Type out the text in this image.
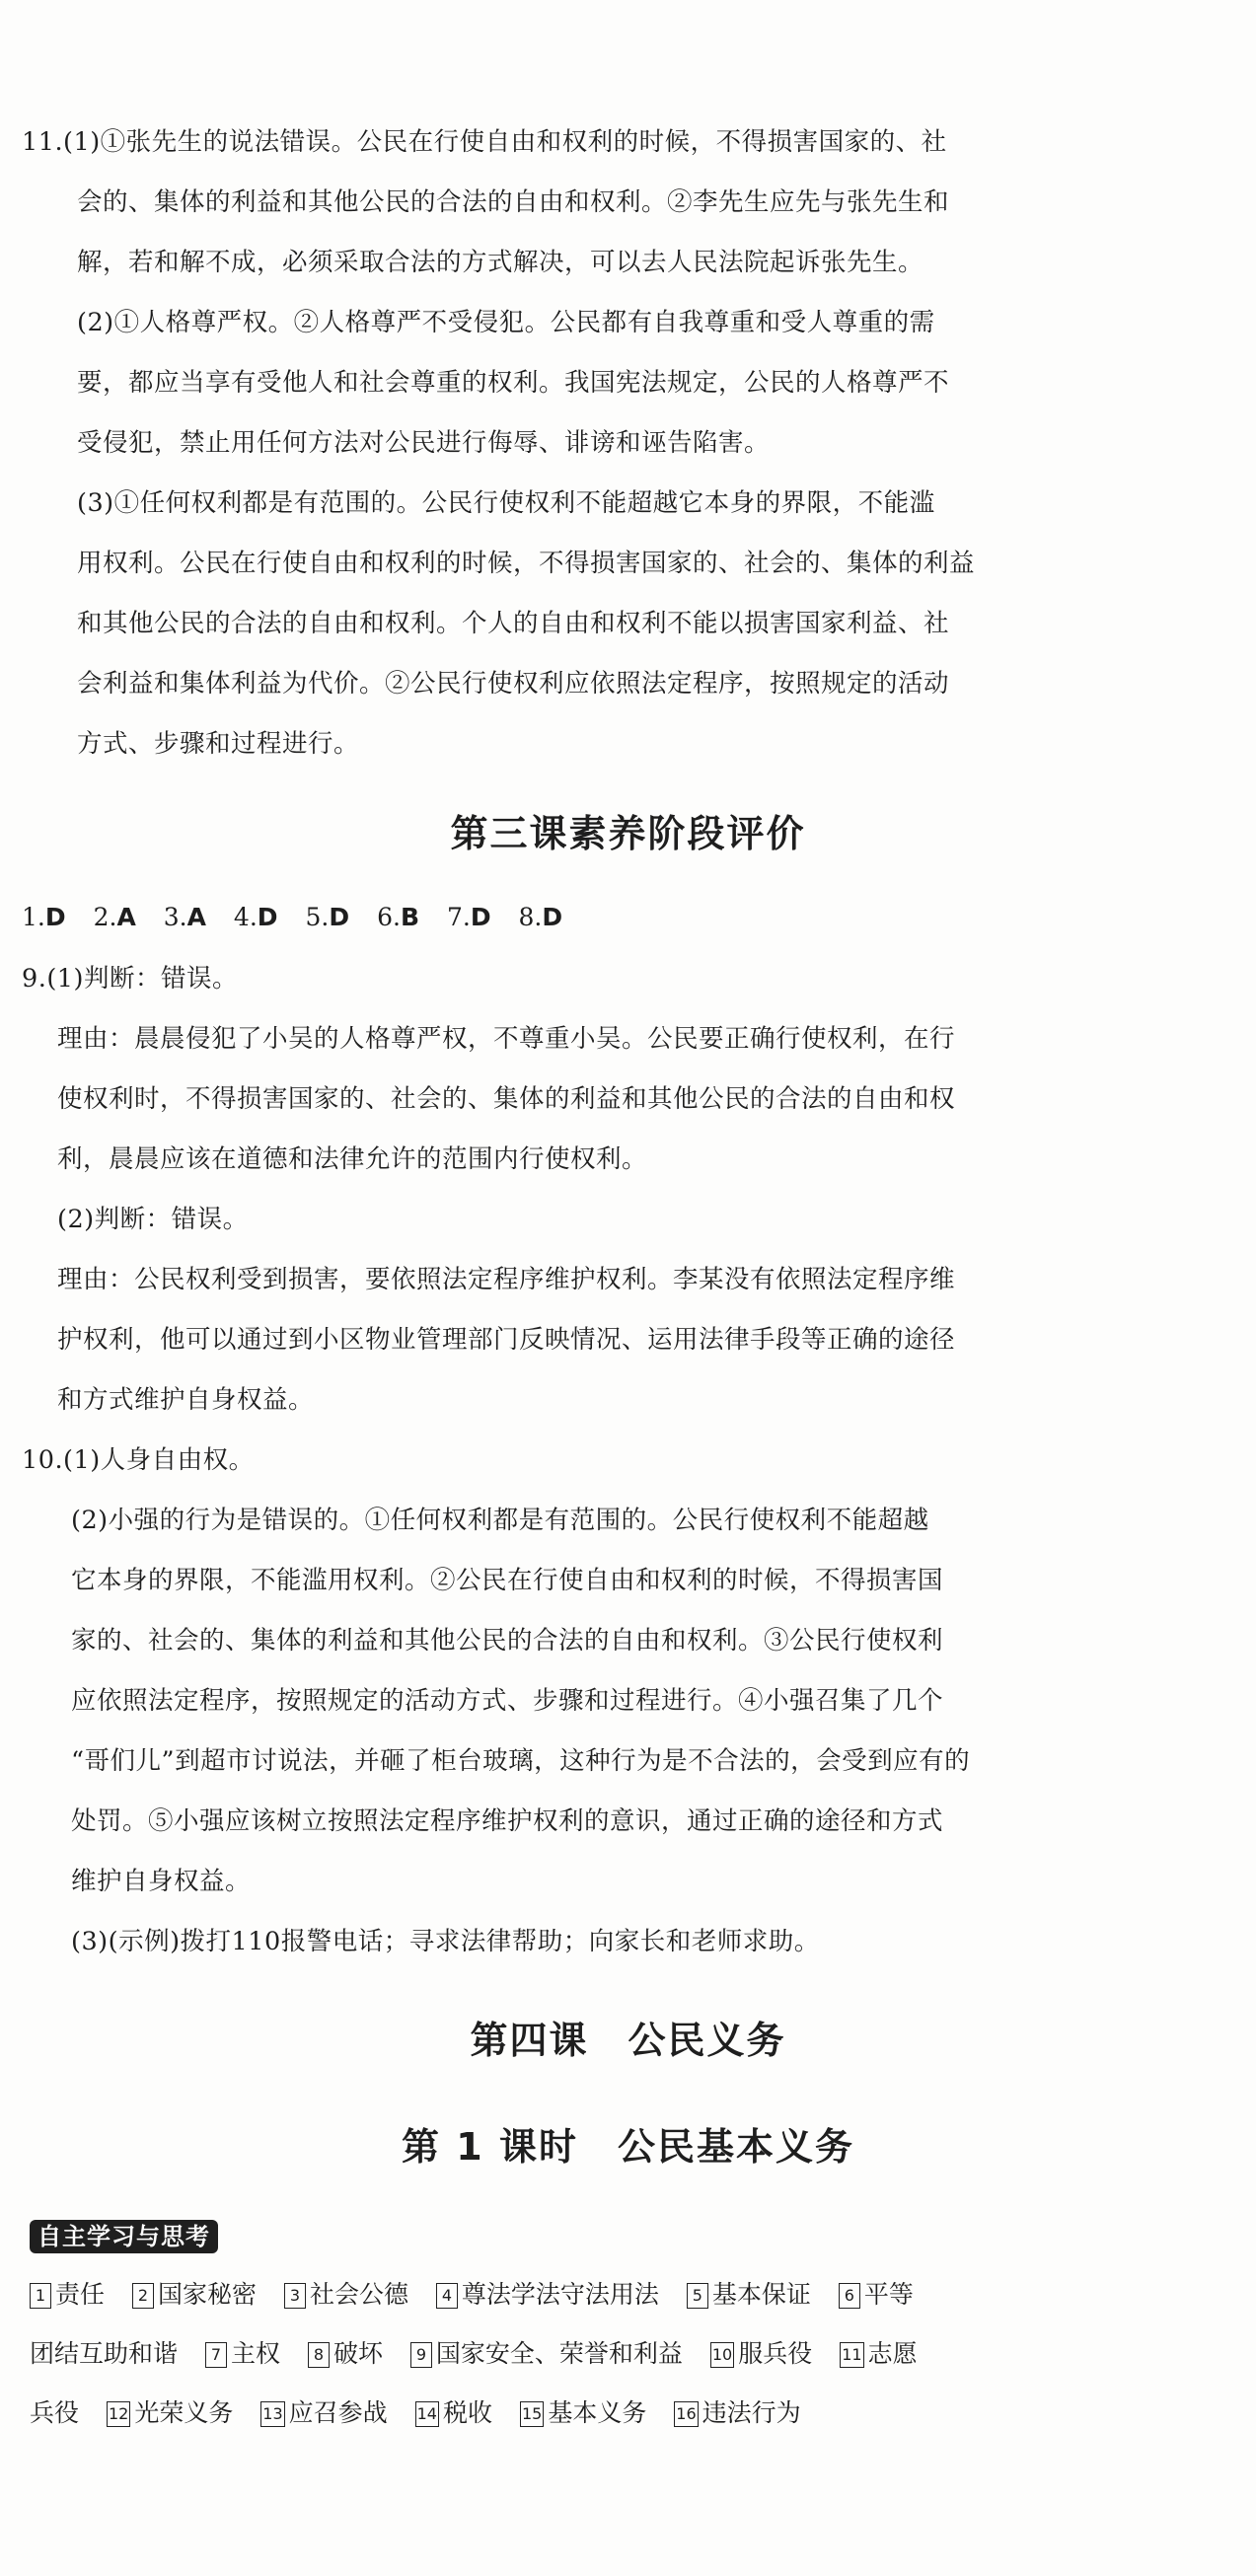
11.(1)①张先生的说法错误。公民在行使自由和权利的时候，不得损害国家的、社
会的、集体的利益和其他公民的合法的自由和权利。②李先生应先与张先生和
解，若和解不成，必须采取合法的方式解决，可以去人民法院起诉张先生。
(2)①人格尊严权。②人格尊严不受侵犯。公民都有自我尊重和受人尊重的需
要，都应当享有受他人和社会尊重的权利。我国宪法规定，公民的人格尊严不
受侵犯，禁止用任何方法对公民进行侮辱、诽谤和诬告陷害。
(3)①任何权利都是有范围的。公民行使权利不能超越它本身的界限，不能滥
用权利。公民在行使自由和权利的时候，不得损害国家的、社会的、集体的利益
和其他公民的合法的自由和权利。个人的自由和权利不能以损害国家利益、社
会利益和集体利益为代价。②公民行使权利应依照法定程序，按照规定的活动
方式、步骤和过程进行。
第三课素养阶段评价
1.D 2.A 3.A 4.D 5.D 6.B 7.D 8.D
9.(1)判断：错误。
理由：晨晨侵犯了小吴的人格尊严权，不尊重小吴。公民要正确行使权利，在行
使权利时，不得损害国家的、社会的、集体的利益和其他公民的合法的自由和权
利，晨晨应该在道德和法律允许的范围内行使权利。
(2)判断：错误。
理由：公民权利受到损害，要依照法定程序维护权利。李某没有依照法定程序维
护权利，他可以通过到小区物业管理部门反映情况、运用法律手段等正确的途径
和方式维护自身权益。
10.(1)人身自由权。
(2)小强的行为是错误的。①任何权利都是有范围的。公民行使权利不能超越
它本身的界限，不能滥用权利。②公民在行使自由和权利的时候，不得损害国
家的、社会的、集体的利益和其他公民的合法的自由和权利。③公民行使权利
应依照法定程序，按照规定的活动方式、步骤和过程进行。④小强召集了几个
“哥们儿”到超市讨说法，并砸了柜台玻璃，这种行为是不合法的，会受到应有的
处罚。⑤小强应该树立按照法定程序维护权利的意识，通过正确的途径和方式
维护自身权益。
(3)(示例)拨打110报警电话；寻求法律帮助；向家长和老师求助。
第四课　公民义务
第 1 课时　公民基本义务
自主学习与思考
1 责任 2 国家秘密 3 社会公德 4 尊法学法守法用法 5 基本保证 6 平等
团结互助和谐 7 主权 8 破坏 9 国家安全、荣誉和利益 10 服兵役 11 志愿
兵役 12 光荣义务 13 应召参战 14 税收 15 基本义务 16 违法行为
